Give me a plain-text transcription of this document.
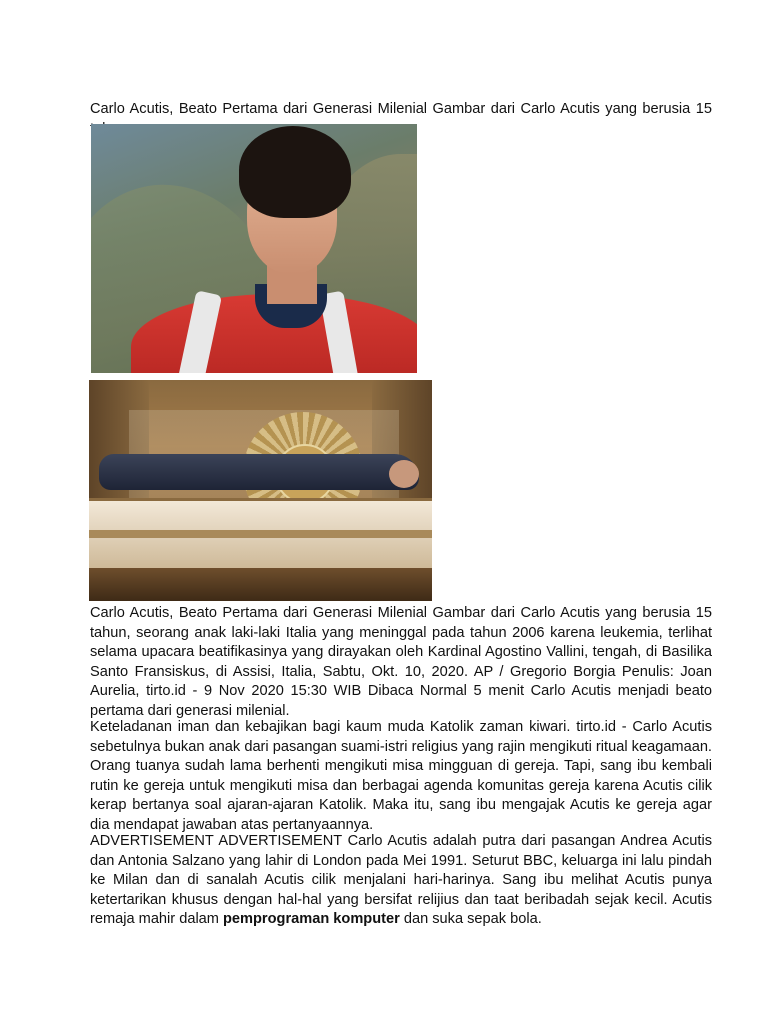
Carlo Acutis, Beato Pertama dari Generasi Milenial Gambar dari Carlo Acutis yang berusia 15

Carlo Acutis, Beato Pertama dari Generasi Milenial Gambar dari Carlo Acutis yang berusia 15 tahun, seorang anak laki-laki Italia yang meninggal pada tahun 2006 karena leukemia, terlihat selama upacara beatifikasinya yang dirayakan oleh Kardinal Agostino Vallini, tengah, di Basilika Santo Fransiskus, di Assisi, Italia, Sabtu, Okt. 10, 2020. AP / Gregorio Borgia Penulis: Joan Aurelia, tirto.id - 9 Nov 2020 15:30 WIB Dibaca Normal 5 menit Carlo Acutis menjadi beato pertama dari generasi milenial.

Keteladanan iman dan kebajikan bagi kaum muda Katolik zaman kiwari. tirto.id - Carlo Acutis sebetulnya bukan anak dari pasangan suami-istri religius yang rajin mengikuti ritual keagamaan. Orang tuanya sudah lama berhenti mengikuti misa mingguan di gereja. Tapi, sang ibu kembali rutin ke gereja untuk mengikuti misa dan berbagai agenda komunitas gereja karena Acutis cilik kerap bertanya soal ajaran-ajaran Katolik. Maka itu, sang ibu mengajak Acutis ke gereja agar dia mendapat jawaban atas pertanyaannya.

ADVERTISEMENT ADVERTISEMENT Carlo Acutis adalah putra dari pasangan Andrea Acutis dan Antonia Salzano yang lahir di London pada Mei 1991. Seturut BBC, keluarga ini lalu pindah ke Milan dan di sanalah Acutis cilik menjalani hari-harinya. Sang ibu melihat Acutis punya ketertarikan khusus dengan hal-hal yang bersifat relijius dan taat beribadah sejak kecil. Acutis remaja mahir dalam pemprograman komputer dan suka sepak bola.
